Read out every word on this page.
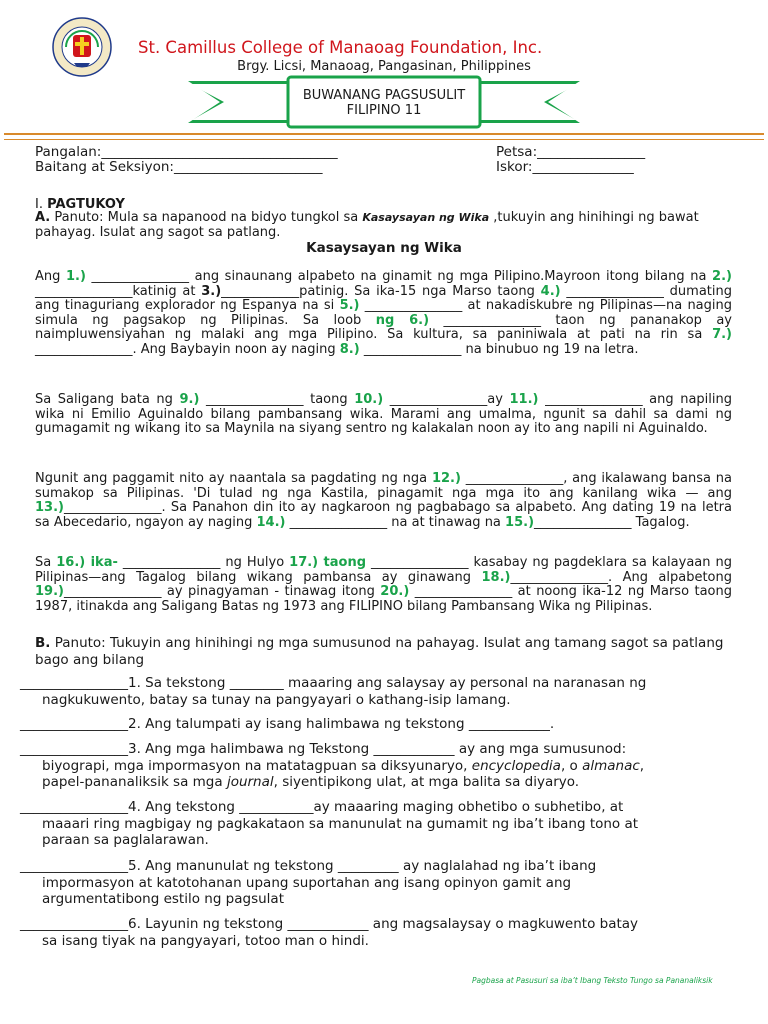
St. Camillus College of Manaoag Foundation, Inc.
Brgy. Licsi, Manaoag, Pangasinan, Philippines
BUWANANG PAGSUSULIT
FILIPINO 11
Pangalan:___________________________________
Baitang at Seksiyon:______________________
Petsa:________________
Iskor:_______________
I. PAGTUKOY
A. Panuto: Mula sa napanood na bidyo tungkol sa Kasaysayan ng Wika ,tukuyin ang hinihingi ng bawat pahayag. Isulat ang sagot sa patlang.
Kasaysayan ng Wika
Ang 1.) _______________ ang sinaunang alpabeto na ginamit ng mga Pilipino.Mayroon itong bilang na 2.) _______________katinig at 3.)____________patinig. Sa ika-15 nga Marso taong 4.) _______________ dumating ang tinaguriang explorador ng Espanya na si 5.) _______________ at nakadiskubre ng Pilipinas—na naging simula ng pagsakop ng Pilipinas. Sa loob ng 6.) _______________ taon ng pananakop ay naimpluwensiyahan ng malaki ang mga Pilipino. Sa kultura, sa paniniwala at pati na rin sa 7.) _______________. Ang Baybayin noon ay naging 8.) _______________ na binubuo ng 19 na letra.
Sa Saligang bata ng 9.) _______________ taong 10.) _______________ay 11.) _______________ ang napiling wika ni Emilio Aguinaldo bilang pambansang wika. Marami ang umalma, ngunit sa dahil sa dami ng gumagamit ng wikang ito sa Maynila na siyang sentro ng kalakalan noon ay ito ang napili ni Aguinaldo.
Ngunit ang paggamit nito ay naantala sa pagdating ng nga 12.) _______________, ang ikalawang bansa na sumakop sa Pilipinas. 'Di tulad ng nga Kastila, pinagamit nga mga ito ang kanilang wika — ang 13.)_______________. Sa Panahon din ito ay nagkaroon ng pagbabago sa alpabeto. Ang dating 19 na letra sa Abecedario, ngayon ay naging 14.) _______________ na at tinawag na 15.)_______________ Tagalog.
Sa 16.) ika- _______________ ng Hulyo 17.) taong _______________ kasabay ng pagdeklara sa kalayaan ng Pilipinas—ang Tagalog bilang wikang pambansa ay ginawang 18.)_______________. Ang alpabetong 19.)_______________ ay pinagyaman - tinawag itong 20.) _______________ at noong ika-12 ng Marso taong 1987, itinakda ang Saligang Batas ng 1973 ang FILIPINO bilang Pambansang Wika ng Pilipinas.
B. Panuto: Tukuyin ang hinihingi ng mga sumusunod na pahayag. Isulat ang tamang sagot sa patlang bago ang bilang
________________1. Sa tekstong ________ maaaring ang salaysay ay personal na naranasan ng
nagkukuwento, batay sa tunay na pangyayari o kathang-isip lamang.
________________2. Ang talumpati ay isang halimbawa ng tekstong ____________.
________________3. Ang mga halimbawa ng Tekstong ____________ ay ang mga sumusunod:
biyograpi, mga impormasyon na matatagpuan sa diksyunaryo, encyclopedia, o almanac,
papel-pananaliksik sa mga journal, siyentipikong ulat, at mga balita sa diyaryo.
________________4. Ang tekstong ___________ay maaaring maging obhetibo o subhetibo, at
maaari ring magbigay ng pagkakataon sa manunulat na gumamit ng iba’t ibang tono at
paraan sa paglalarawan.
________________5. Ang manunulat ng tekstong _________ ay naglalahad ng iba’t ibang
impormasyon at katotohanan upang suportahan ang isang opinyon gamit ang
argumentatibong estilo ng pagsulat
________________6. Layunin ng tekstong ____________ ang magsalaysay o magkuwento batay
sa isang tiyak na pangyayari, totoo man o hindi.
Pagbasa at Pasusuri sa iba’t Ibang Teksto Tungo sa Pananaliksik
